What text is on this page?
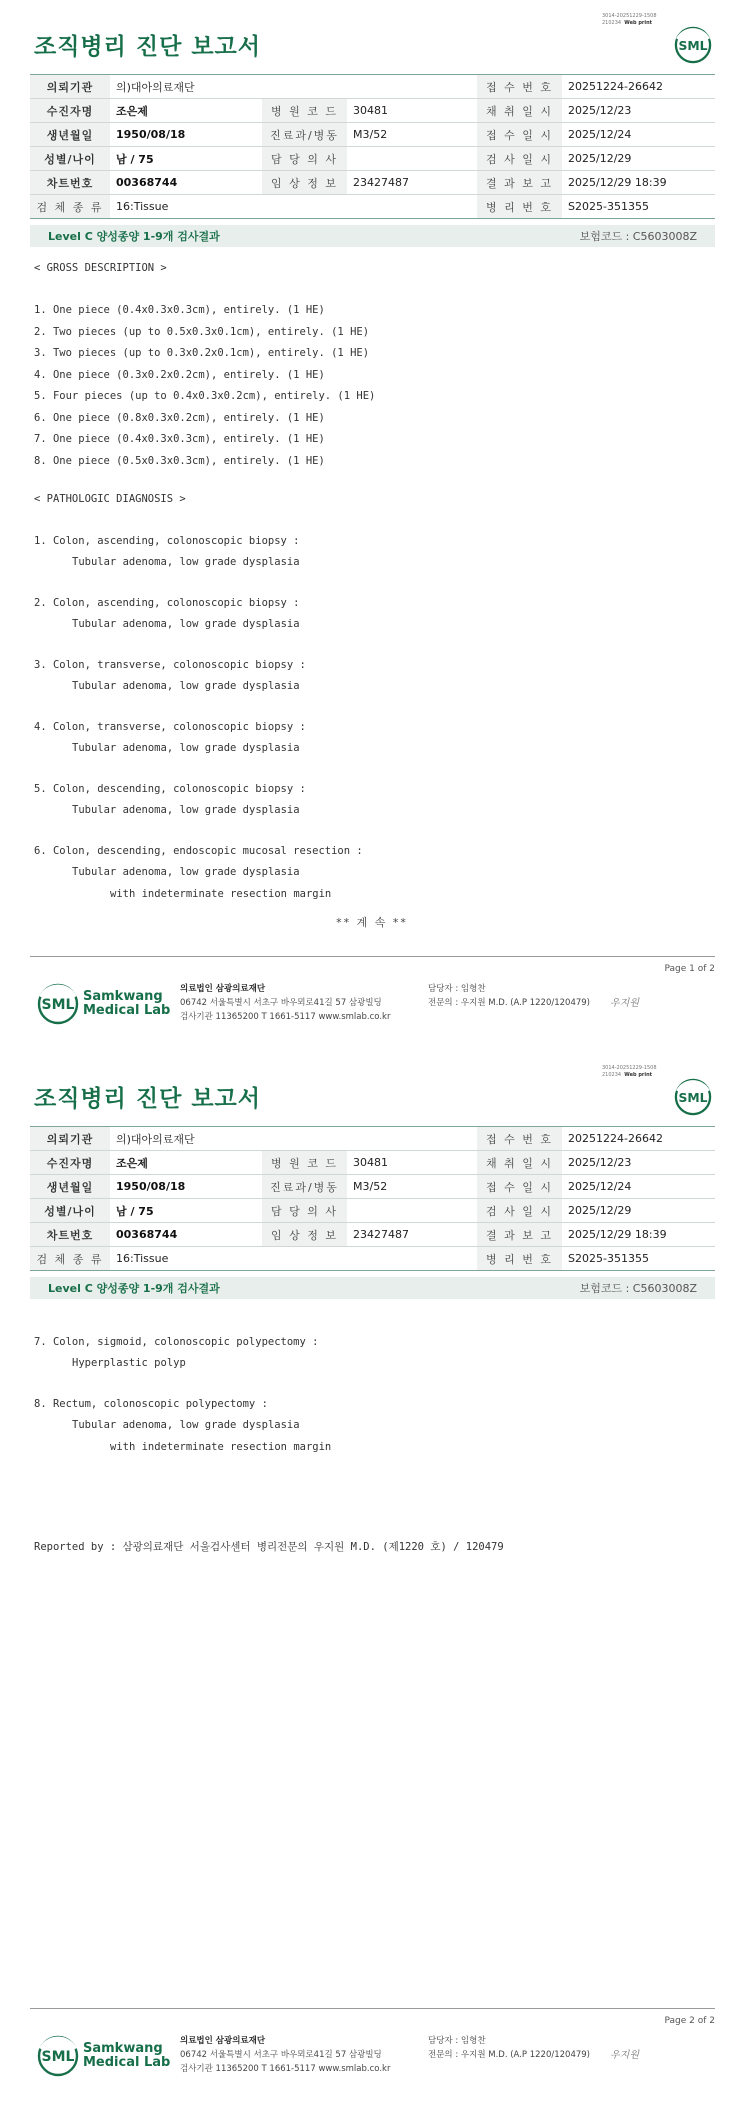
3014-20251229-1508
210234 Web print
조직병리 진단 보고서	SML
의뢰기관	의)대아의료재단			접 수 번 호	20251224-26642
수진자명	조은제	병 원 코 드	30481	채 취 일 시	2025/12/23
생년월일	1950/08/18	진료과/병동	M3/52	접 수 일 시	2025/12/24
성별/나이	남 / 75	담 당 의 사		검 사 일 시	2025/12/29
차트번호	00368744	임 상 정 보	23427487	결 과 보 고	2025/12/29 18:39
검 체 종 류	16:Tissue			병 리 번 호	S2025-351355
Level C 양성종양 1-9개 검사결과	보험코드 : C5603008Z

< GROSS DESCRIPTION >

1. One piece (0.4x0.3x0.3cm), entirely. (1 HE)

2. Two pieces (up to 0.5x0.3x0.1cm), entirely. (1 HE)

3. Two pieces (up to 0.3x0.2x0.1cm), entirely. (1 HE)

4. One piece (0.3x0.2x0.2cm), entirely. (1 HE)

5. Four pieces (up to 0.4x0.3x0.2cm), entirely. (1 HE)

6. One piece (0.8x0.3x0.2cm), entirely. (1 HE)

7. One piece (0.4x0.3x0.3cm), entirely. (1 HE)

8. One piece (0.5x0.3x0.3cm), entirely. (1 HE)

< PATHOLOGIC DIAGNOSIS >

1. Colon, ascending, colonoscopic biopsy :

Tubular adenoma, low grade dysplasia

2. Colon, ascending, colonoscopic biopsy :

Tubular adenoma, low grade dysplasia

3. Colon, transverse, colonoscopic biopsy :

Tubular adenoma, low grade dysplasia

4. Colon, transverse, colonoscopic biopsy :

Tubular adenoma, low grade dysplasia

5. Colon, descending, colonoscopic biopsy :

Tubular adenoma, low grade dysplasia

6. Colon, descending, endoscopic mucosal resection :

Tubular adenoma, low grade dysplasia

with indeterminate resection margin

** 계 속 **
Page 1 of 2
SML
Samkwang
Medical Lab
의료법인 삼광의료재단
06742 서울특별시 서초구 바우뫼로41길 57 삼광빌딩
검사기관 11365200 T 1661-5117 www.smlab.co.kr
담당자 : 임형찬
전문의 : 우지원 M.D. (A.P 1220/120479) 우지원
3014-20251229-1508
210234 Web print
조직병리 진단 보고서	SML
의뢰기관	의)대아의료재단			접 수 번 호	20251224-26642
수진자명	조은제	병 원 코 드	30481	채 취 일 시	2025/12/23
생년월일	1950/08/18	진료과/병동	M3/52	접 수 일 시	2025/12/24
성별/나이	남 / 75	담 당 의 사		검 사 일 시	2025/12/29
차트번호	00368744	임 상 정 보	23427487	결 과 보 고	2025/12/29 18:39
검 체 종 류	16:Tissue			병 리 번 호	S2025-351355
Level C 양성종양 1-9개 검사결과	보험코드 : C5603008Z

7. Colon, sigmoid, colonoscopic polypectomy :

Hyperplastic polyp

8. Rectum, colonoscopic polypectomy :

Tubular adenoma, low grade dysplasia

with indeterminate resection margin

Reported by : 삼광의료재단 서울검사센터 병리전문의 우지원 M.D. (제1220 호) / 120479

Page 2 of 2
SML
Samkwang
Medical Lab
의료법인 삼광의료재단
06742 서울특별시 서초구 바우뫼로41길 57 삼광빌딩
검사기관 11365200 T 1661-5117 www.smlab.co.kr
담당자 : 임형찬
전문의 : 우지원 M.D. (A.P 1220/120479) 우지원
